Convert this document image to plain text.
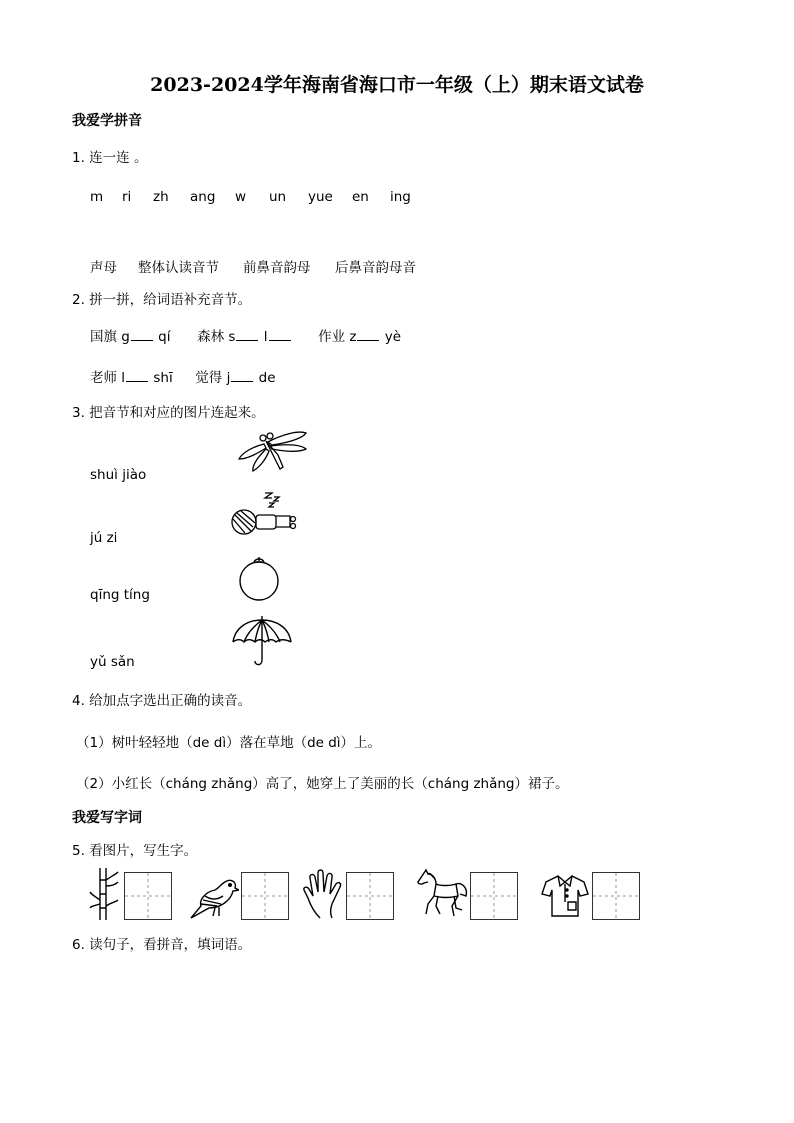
2023-2024学年海南省海口市一年级（上）期末语文试卷
我爱学拼音
1. 连一连 。
m	ri	zh	ang	w	un	yue	en	ing
声母	整体认读音节	前鼻音韵母	后鼻音韵母音
2. 拼一拼，给词语补充音节。
国旗 g qí 森林 s l	作业 z yè
老师 l shī 觉得 j de
3. 把音节和对应的图片连起来。
shuì jiào
jú zi
qīng tíng
yǔ sǎn
4. 给加点字选出正确的读音。
（1）树叶轻轻地（de dì）落在草地（de dì）上。
（2）小红长（cháng zhǎng）高了，她穿上了美丽的长（cháng zhǎng）裙子。
我爱写字词
5. 看图片，写生字。
6. 读句子，看拼音，填词语。
